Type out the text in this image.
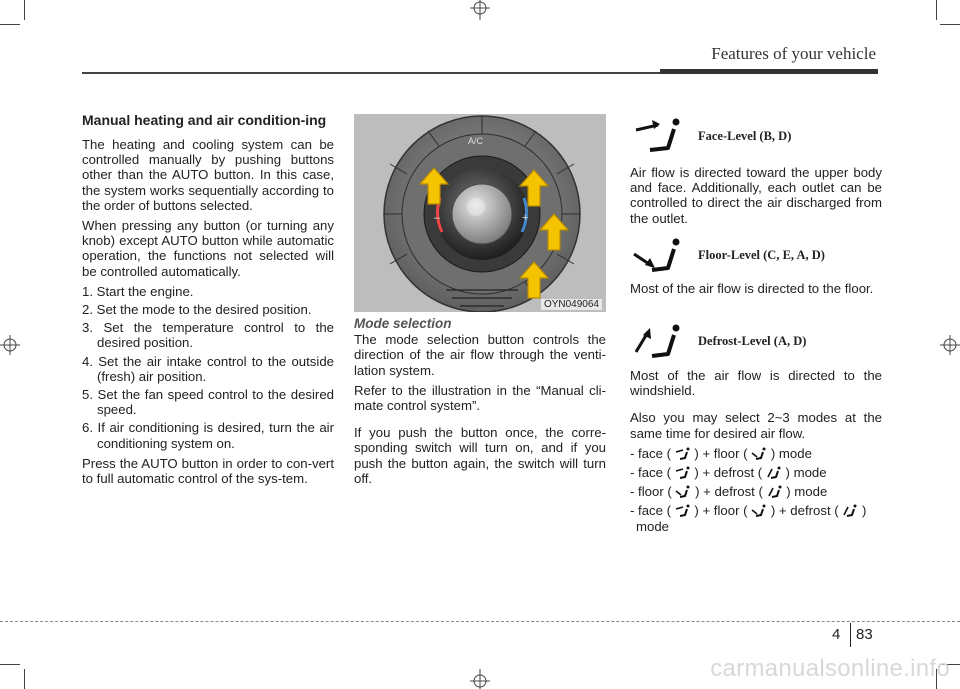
Features of your vehicle
Manual heating and air condition-ing

The heating and cooling system can be controlled manually by pushing buttons other than the AUTO button. In this case, the system works sequentially according to the order of buttons selected.

When pressing any button (or turning any knob) except AUTO button while automatic operation, the functions not selected will be controlled automatically.

1. Start the engine.
2. Set the mode to the desired position.
3. Set the temperature control to the desired position.
4. Set the air intake control to the outside (fresh) air position.
5. Set the fan speed control to the desired speed.
6. If air conditioning is desired, turn the air conditioning system on.

Press the AUTO button in order to con-vert to full automatic control of the sys-tem.

A/C
–	+
OYN049064
Mode selection

The mode selection button controls the direction of the air flow through the venti-lation system.

Refer to the illustration in the “Manual cli-mate control system”.

If you push the button once, the corre-sponding switch will turn on, and if you push the button again, the switch will turn off.

Face-Level (B, D)

Air flow is directed toward the upper body and face. Additionally, each outlet can be controlled to direct the air discharged from the outlet.

Floor-Level (C, E, A, D)

Most of the air flow is directed to the floor.

Defrost-Level (A, D)

Most of the air flow is directed to the windshield.

Also you may select 2~3 modes at the same time for desired air flow.

- face ( ) + floor ( ) mode
- face ( ) + defrost ( ) mode
- floor ( ) + defrost ( ) mode
- face ( ) + floor ( ) + defrost ( )
mode
4 83
carmanualsonline.info
